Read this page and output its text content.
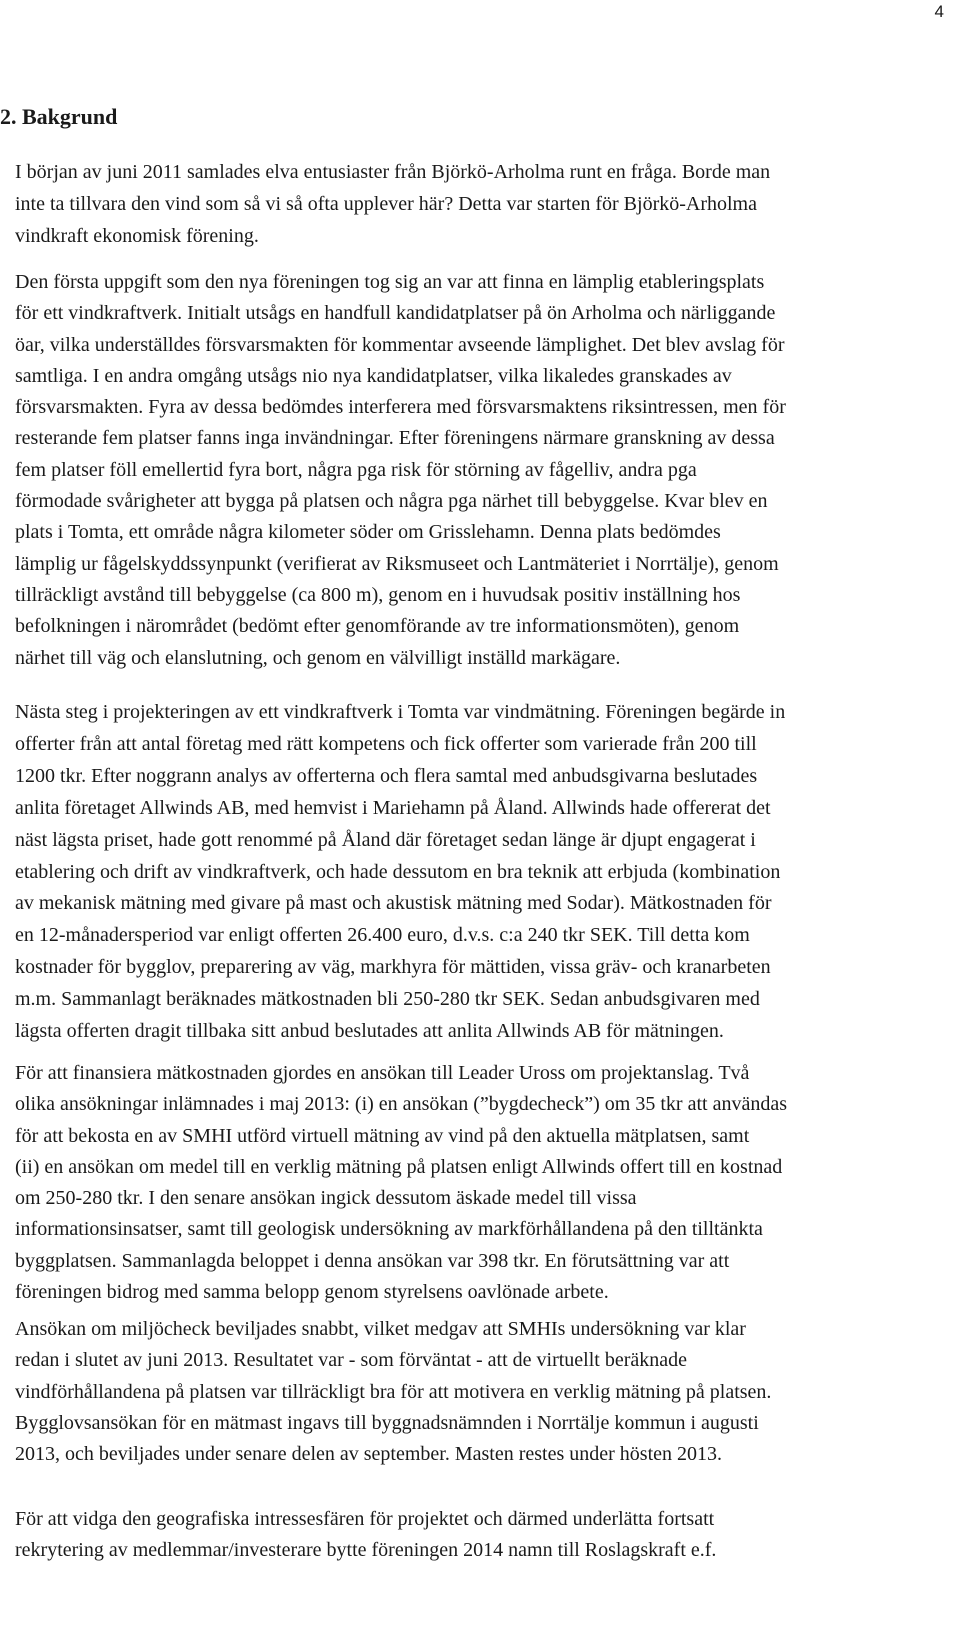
4
2. Bakgrund

I början av juni 2011 samlades elva entusiaster från Björkö-Arholma runt en fråga. Borde man
inte ta tillvara den vind som så vi så ofta upplever här? Detta var starten för Björkö-Arholma
vindkraft ekonomisk förening.

Den första uppgift som den nya föreningen tog sig an var att finna en lämplig etableringsplats
för ett vindkraftverk. Initialt utsågs en handfull kandidatplatser på ön Arholma och närliggande
öar, vilka underställdes försvarsmakten för kommentar avseende lämplighet. Det blev avslag för
samtliga. I en andra omgång utsågs nio nya kandidatplatser, vilka likaledes granskades av
försvarsmakten. Fyra av dessa bedömdes interferera med försvarsmaktens riksintressen, men för
resterande fem platser fanns inga invändningar. Efter föreningens närmare granskning av dessa
fem platser föll emellertid fyra bort, några pga risk för störning av fågelliv, andra pga
förmodade svårigheter att bygga på platsen och några pga närhet till bebyggelse. Kvar blev en
plats i Tomta, ett område några kilometer söder om Grisslehamn. Denna plats bedömdes
lämplig ur fågelskyddssynpunkt (verifierat av Riksmuseet och Lantmäteriet i Norrtälje), genom
tillräckligt avstånd till bebyggelse (ca 800 m), genom en i huvudsak positiv inställning hos
befolkningen i närområdet (bedömt efter genomförande av tre informationsmöten), genom
närhet till väg och elanslutning, och genom en välvilligt inställd markägare.

Nästa steg i projekteringen av ett vindkraftverk i Tomta var vindmätning. Föreningen begärde in
offerter från att antal företag med rätt kompetens och fick offerter som varierade från 200 till
1200 tkr. Efter noggrann analys av offerterna och flera samtal med anbudsgivarna beslutades
anlita företaget Allwinds AB, med hemvist i Mariehamn på Åland. Allwinds hade offererat det
näst lägsta priset, hade gott renommé på Åland där företaget sedan länge är djupt engagerat i
etablering och drift av vindkraftverk, och hade dessutom en bra teknik att erbjuda (kombination
av mekanisk mätning med givare på mast och akustisk mätning med Sodar). Mätkostnaden för
en 12-månadersperiod var enligt offerten 26.400 euro, d.v.s. c:a 240 tkr SEK. Till detta kom
kostnader för bygglov, preparering av väg, markhyra för mättiden, vissa gräv- och kranarbeten
m.m. Sammanlagt beräknades mätkostnaden bli 250-280 tkr SEK. Sedan anbudsgivaren med
lägsta offerten dragit tillbaka sitt anbud beslutades att anlita Allwinds AB för mätningen.

För att finansiera mätkostnaden gjordes en ansökan till Leader Uross om projektanslag. Två
olika ansökningar inlämnades i maj 2013: (i) en ansökan (”bygdecheck”) om 35 tkr att användas
för att bekosta en av SMHI utförd virtuell mätning av vind på den aktuella mätplatsen, samt
(ii) en ansökan om medel till en verklig mätning på platsen enligt Allwinds offert till en kostnad
om 250-280 tkr. I den senare ansökan ingick dessutom äskade medel till vissa
informationsinsatser, samt till geologisk undersökning av markförhållandena på den tilltänkta
byggplatsen. Sammanlagda beloppet i denna ansökan var 398 tkr. En förutsättning var att
föreningen bidrog med samma belopp genom styrelsens oavlönade arbete.

Ansökan om miljöcheck beviljades snabbt, vilket medgav att SMHIs undersökning var klar
redan i slutet av juni 2013. Resultatet var - som förväntat - att de virtuellt beräknade
vindförhållandena på platsen var tillräckligt bra för att motivera en verklig mätning på platsen.
Bygglovsansökan för en mätmast ingavs till byggnadsnämnden i Norrtälje kommun i augusti
2013, och beviljades under senare delen av september. Masten restes under hösten 2013.

För att vidga den geografiska intressesfären för projektet och därmed underlätta fortsatt
rekrytering av medlemmar/investerare bytte föreningen 2014 namn till Roslagskraft e.f.
